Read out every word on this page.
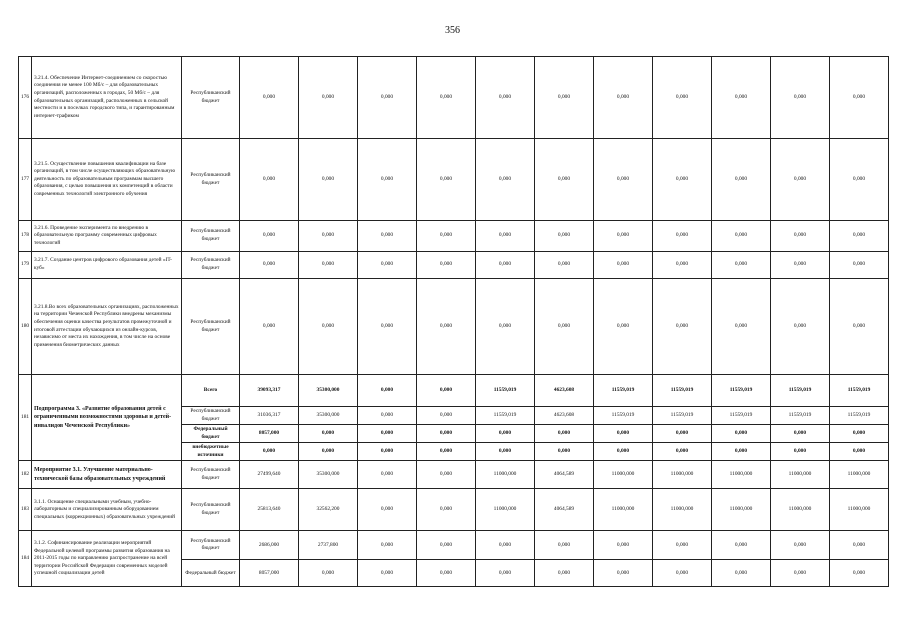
356
176	3.21.4. Обеспечение Интернет-соединением со скоростью соединения не менее 100 Мб/с – для образовательных организаций, расположенных в городах, 50 Мб/с – для образовательных организаций, расположенных в сельской местности и в поселках городского типа, и гарантированным интернет-трафиком	Республиканский бюджет	0,000	0,000	0,000	0,000	0,000	0,000	0,000	0,000	0,000	0,000	0,000
177	3.21.5. Осуществление повышения квалификации на базе организаций, в том числе осуществляющих образовательную деятельность по образовательным программам высшего образования, с целью повышения их компетенций в области современных технологий электронного обучения	Республиканский бюджет	0,000	0,000	0,000	0,000	0,000	0,000	0,000	0,000	0,000	0,000	0,000
178	3.21.6. Проведение эксперимента по внедрению в образовательную программу современных цифровых технологий	Республиканский бюджет	0,000	0,000	0,000	0,000	0,000	0,000	0,000	0,000	0,000	0,000	0,000
179	3.21.7. Создание центров цифрового образования детей «IT-куб»	Республиканский бюджет	0,000	0,000	0,000	0,000	0,000	0,000	0,000	0,000	0,000	0,000	0,000
180	3.21.8.Во всех образовательных организациях, расположенных на территории Чеченской Республики внедрены механизмы обеспечения оценки качества результатов промежуточной и итоговой аттестации обучающихся из онлайн-курсов, независимо от места их нахождения, в том числе на основе применения биометрических данных	Республиканский бюджет	0,000	0,000	0,000	0,000	0,000	0,000	0,000	0,000	0,000	0,000	0,000
181	Подпрограмма 3. «Развитие образования детей с ограниченными возможностями здоровья и детей-инвалидов Чеченской Республики»	Всего	39093,317	35300,000	0,000	0,000	11559,019	4623,608	11559,019	11559,019	11559,019	11559,019	11559,019
		Республиканский бюджет	31036,317	35300,000	0,000	0,000	11559,019	4623,608	11559,019	11559,019	11559,019	11559,019	11559,019
		Федеральный бюджет	8057,000	0,000	0,000	0,000	0,000	0,000	0,000	0,000	0,000	0,000	0,000
		внебюджетные источники	0,000	0,000	0,000	0,000	0,000	0,000	0,000	0,000	0,000	0,000	0,000
182	Мероприятие 3.1. Улучшение материально-технической базы образовательных учреждений	Республиканский бюджет	27499,640	35300,000	0,000	0,000	11000,000	4064,589	11000,000	11000,000	11000,000	11000,000	11000,000
183	3.1.1. Оснащение специальными учебным, учебно-лабораторным и специализированным оборудованием специальных (коррекционных) образовательных учреждений	Республиканский бюджет	25813,640	32562,200	0,000	0,000	11000,000	4064,589	11000,000	11000,000	11000,000	11000,000	11000,000
184	3.1.2. Софинансирование реализации мероприятий Федеральной целевой программы развития образования на 2011-2015 годы по направлению распространение на всей территории Российской Федерации современных моделей успешной социализации детей	Республиканский бюджет	2686,000	2737,800	0,000	0,000	0,000	0,000	0,000	0,000	0,000	0,000	0,000
		Федеральный бюджет	8057,000	0,000	0,000	0,000	0,000	0,000	0,000	0,000	0,000	0,000	0,000
